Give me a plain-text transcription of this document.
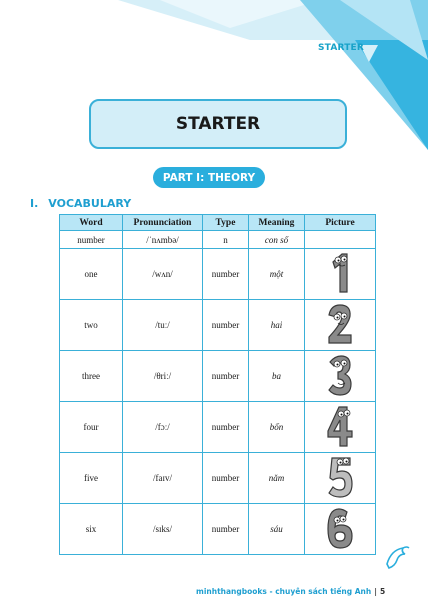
STARTER
STARTER
PART I: THEORY
I. VOCABULARY
Word	Pronunciation	Type	Meaning	Picture
number	/ˈnʌmbə/	n	con số	
one	/wʌn/	number	một	

two	/tuː/	number	hai	

three	/θriː/	number	ba	

four	/fɔː/	number	bốn	

five	/faɪv/	number	năm	

six	/sɪks/	number	sáu	
minhthangbooks - chuyên sách tiếng Anh | 5
